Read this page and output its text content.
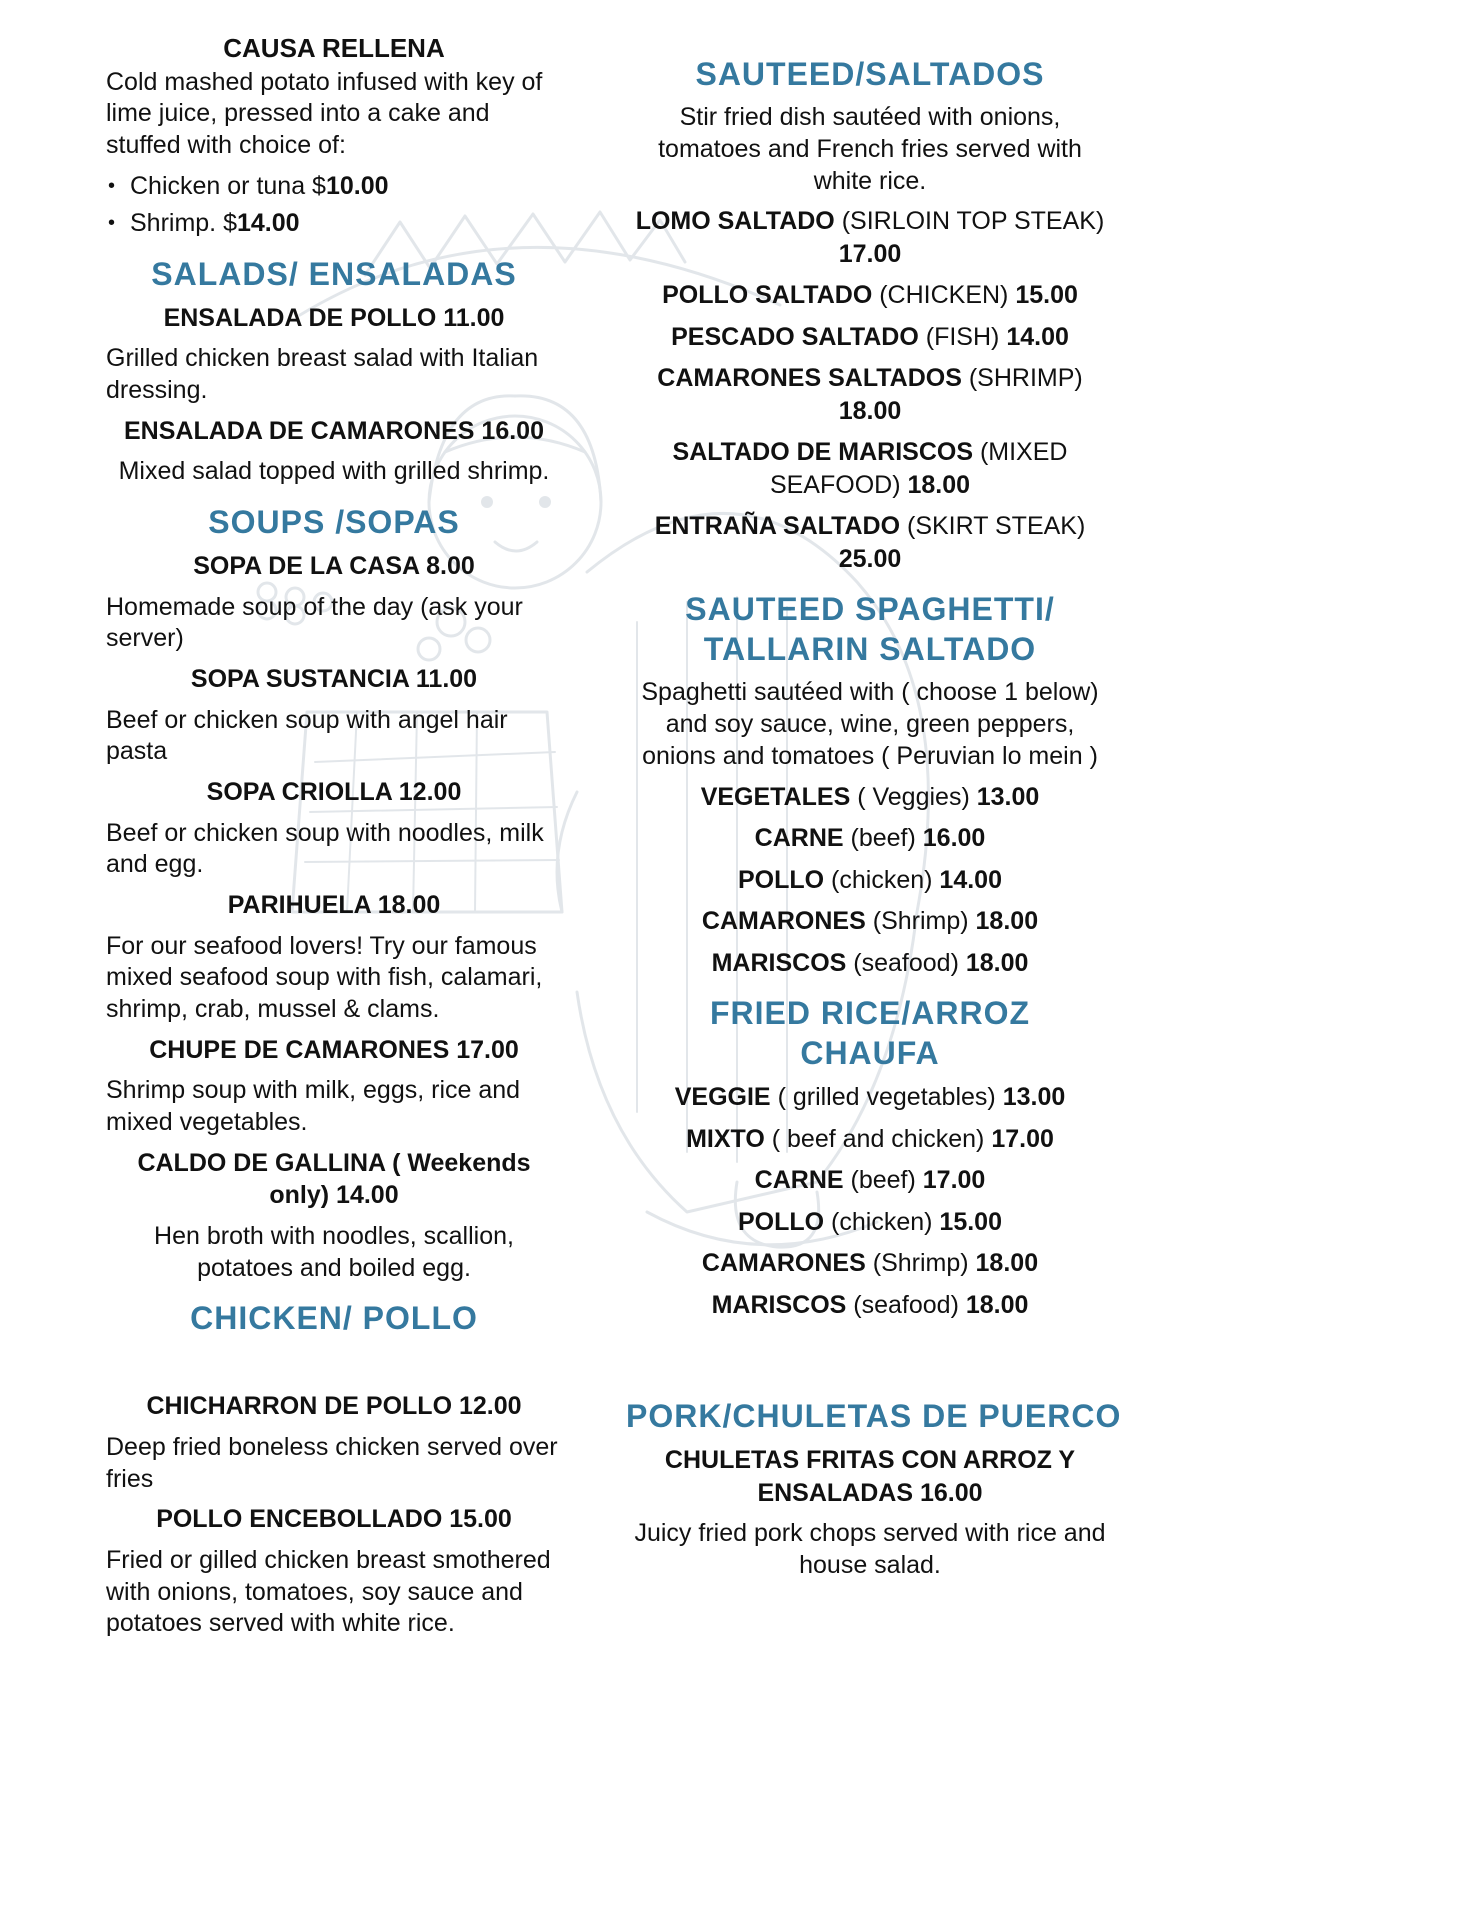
CAUSA RELLENA

Cold mashed potato infused with key of lime juice, pressed into a cake and stuffed with choice of:

• Chicken or tuna $10.00
• Shrimp. $14.00
SALADS/ ENSALADAS
ENSALADA DE POLLO 11.00

Grilled chicken breast salad with Italian dressing.

ENSALADA DE CAMARONES 16.00

Mixed salad topped with grilled shrimp.

SOUPS /SOPAS
SOPA DE LA CASA 8.00

Homemade soup of the day (ask your server)

SOPA SUSTANCIA 11.00

Beef or chicken soup with angel hair pasta

SOPA CRIOLLA 12.00

Beef or chicken soup with noodles, milk and egg.

PARIHUELA 18.00

For our seafood lovers! Try our famous mixed seafood soup with fish, calamari, shrimp, crab, mussel & clams.

CHUPE DE CAMARONES 17.00

Shrimp soup with milk, eggs, rice and mixed vegetables.

CALDO DE GALLINA ( Weekends only) 14.00

Hen broth with noodles, scallion, potatoes and boiled egg.

CHICKEN/ POLLO
CHICHARRON DE POLLO 12.00

Deep fried boneless chicken served over fries

POLLO ENCEBOLLADO 15.00

Fried or gilled chicken breast smothered with onions, tomatoes, soy sauce and potatoes served with white rice.

SAUTEED/SALTADOS

Stir fried dish sautéed with onions, tomatoes and French fries served with white rice.

LOMO SALTADO (SIRLOIN TOP STEAK) 17.00
POLLO SALTADO (CHICKEN) 15.00
PESCADO SALTADO (FISH) 14.00
CAMARONES SALTADOS (SHRIMP) 18.00
SALTADO DE MARISCOS (MIXED SEAFOOD) 18.00
ENTRAÑA SALTADO (SKIRT STEAK) 25.00
SAUTEED SPAGHETTI/
TALLARIN SALTADO

Spaghetti sautéed with ( choose 1 below) and soy sauce, wine, green peppers, onions and tomatoes ( Peruvian lo mein )

VEGETALES ( Veggies) 13.00
CARNE (beef) 16.00
POLLO (chicken) 14.00
CAMARONES (Shrimp) 18.00
MARISCOS (seafood) 18.00
FRIED RICE/ARROZ
CHAUFA
VEGGIE ( grilled vegetables) 13.00
MIXTO ( beef and chicken) 17.00
CARNE (beef) 17.00
POLLO (chicken) 15.00
CAMARONES (Shrimp) 18.00
MARISCOS (seafood) 18.00
PORK/CHULETAS DE PUERCO
CHULETAS FRITAS CON ARROZ Y ENSALADAS 16.00

Juicy fried pork chops served with rice and house salad.
